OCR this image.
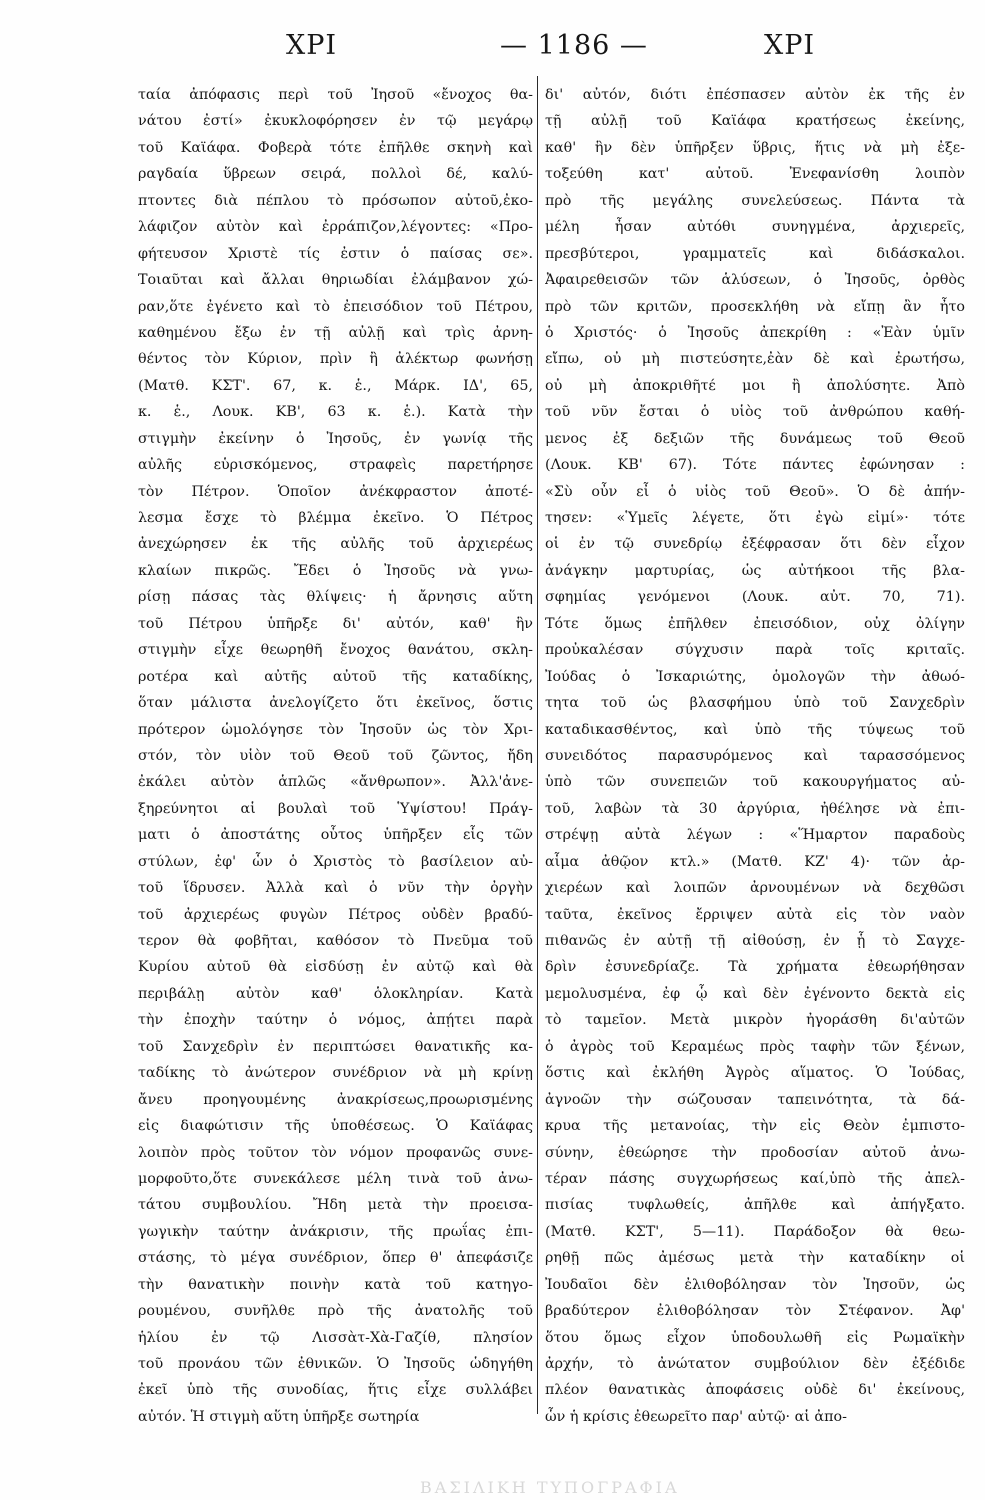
ΧΡΙ	— 1186 —	ΧΡΙ
ταία ἀπόφασις περὶ τοῦ Ἰησοῦ «ἔνοχος θα-
νάτου ἐστί» ἐκυκλοφόρησεν ἐν τῷ μεγάρῳ
τοῦ Καϊάφα. Φοβερὰ τότε ἐπῆλθε σκηνὴ καὶ
ραγδαία ὕβρεων σειρά, πολλοὶ δέ, καλύ-
πτοντες διὰ πέπλου τὸ πρόσωπον αὐτοῦ,ἐκο-
λάφιζον αὐτὸν καὶ ἐρράπιζον,λέγοντες: «Προ-
φήτευσον Χριστὲ τίς ἐστιν ὁ παίσας σε».
Τοιαῦται καὶ ἄλλαι θηριωδίαι ἐλάμβανον χώ-
ραν,ὅτε ἐγένετο καὶ τὸ ἐπεισόδιον τοῦ Πέτρου,
καθημένου ἔξω ἐν τῇ αὐλῇ καὶ τρὶς ἀρνη-
θέντος τὸν Κύριον, πρὶν ἢ ἀλέκτωρ φωνήσῃ
(Ματθ. ΚΣΤ'. 67, κ. ἑ., Μάρκ. ΙΔ', 65,
κ. ἑ., Λουκ. ΚΒ', 63 κ. ἑ.). Κατὰ τὴν
στιγμὴν ἐκείνην ὁ Ἰησοῦς, ἐν γωνίᾳ τῆς
αὐλῆς εὑρισκόμενος, στραφεὶς παρετήρησε
τὸν Πέτρον. Ὁποῖον ἀνέκφραστον ἀποτέ-
λεσμα ἔσχε τὸ βλέμμα ἐκεῖνο. Ὁ Πέτρος
ἀνεχώρησεν ἐκ τῆς αὐλῆς τοῦ ἀρχιερέως
κλαίων πικρῶς. Ἔδει ὁ Ἰησοῦς νὰ γνω-
ρίσῃ πάσας τὰς θλίψεις· ἡ ἄρνησις αὕτη
τοῦ Πέτρου ὑπῆρξε δι' αὐτόν, καθ' ἣν
στιγμὴν εἶχε θεωρηθῆ ἔνοχος θανάτου, σκλη-
ροτέρα καὶ αὐτῆς αὐτοῦ τῆς καταδίκης,
ὅταν μάλιστα ἀνελογίζετο ὅτι ἐκεῖνος, ὅστις
πρότερον ὡμολόγησε τὸν Ἰησοῦν ὡς τὸν Χρι-
στόν, τὸν υἱὸν τοῦ Θεοῦ τοῦ ζῶντος, ἤδη
ἐκάλει αὐτὸν ἁπλῶς «ἄνθρωπον». Ἀλλ'ἀνε-
ξηρεύνητοι αἱ βουλαὶ τοῦ Ὑψίστου! Πράγ-
ματι ὁ ἀποστάτης οὗτος ὑπῆρξεν εἷς τῶν
στύλων, ἐφ' ὧν ὁ Χριστὸς τὸ βασίλειον αὐ-
τοῦ ἵδρυσεν. Ἀλλὰ καὶ ὁ νῦν τὴν ὀργὴν
τοῦ ἀρχιερέως φυγὼν Πέτρος οὐδὲν βραδύ-
τερον θὰ φοβῆται, καθόσον τὸ Πνεῦμα τοῦ
Κυρίου αὐτοῦ θὰ εἰσδύσῃ ἐν αὐτῷ καὶ θὰ
περιβάλῃ αὐτὸν καθ' ὁλοκληρίαν. Κατὰ
τὴν ἐποχὴν ταύτην ὁ νόμος, ἀπῄτει παρὰ
τοῦ Σανχεδρὶν ἐν περιπτώσει θανατικῆς κα-
ταδίκης τὸ ἀνώτερον συνέδριον νὰ μὴ κρίνῃ
ἄνευ προηγουμένης ἀνακρίσεως,προωρισμένης
εἰς διαφώτισιν τῆς ὑποθέσεως. Ὁ Καϊάφας
λοιπὸν πρὸς τοῦτον τὸν νόμον προφανῶς συνε-
μορφοῦτο,ὅτε συνεκάλεσε μέλη τινὰ τοῦ ἀνω-
τάτου συμβουλίου. Ἤδη μετὰ τὴν προεισα-
γωγικὴν ταύτην ἀνάκρισιν, τῆς πρωΐας ἐπι-
στάσης, τὸ μέγα συνέδριον, ὅπερ θ' ἀπεφάσιζε
τὴν θανατικὴν ποινὴν κατὰ τοῦ κατηγο-
ρουμένου, συνῆλθε πρὸ τῆς ἀνατολῆς τοῦ
ἡλίου ἐν τῷ Λισσὰτ-Χὰ-Γαζίθ, πλησίον
τοῦ προνάου τῶν ἐθνικῶν. Ὁ Ἰησοῦς ὡδηγήθη
ἐκεῖ ὑπὸ τῆς συνοδίας, ἥτις εἶχε συλλάβει
αὐτόν. Ἡ στιγμὴ αὕτη ὑπῆρξε σωτηρία
δι' αὐτόν, διότι ἐπέσπασεν αὐτὸν ἐκ τῆς ἐν
τῇ αὐλῇ τοῦ Καϊάφα κρατήσεως ἐκείνης,
καθ' ἣν δὲν ὑπῆρξεν ὕβρις, ἥτις νὰ μὴ ἐξε-
τοξεύθη κατ' αὐτοῦ. Ἐνεφανίσθη λοιπὸν
πρὸ τῆς μεγάλης συνελεύσεως. Πάντα τὰ
μέλη ἦσαν αὐτόθι συνηγμένα, ἀρχιερεῖς,
πρεσβύτεροι, γραμματεῖς καὶ διδάσκαλοι.
Ἀφαιρεθεισῶν τῶν ἁλύσεων, ὁ Ἰησοῦς, ὀρθὸς
πρὸ τῶν κριτῶν, προσεκλήθη νὰ εἴπῃ ἂν ἦτο
ὁ Χριστός· ὁ Ἰησοῦς ἀπεκρίθη : «Ἐὰν ὑμῖν
εἴπω, οὐ μὴ πιστεύσητε,ἐὰν δὲ καὶ ἐρωτήσω,
οὐ μὴ ἀποκριθῆτέ μοι ἢ ἀπολύσητε. Ἀπὸ
τοῦ νῦν ἔσται ὁ υἱὸς τοῦ ἀνθρώπου καθή-
μενος ἐξ δεξιῶν τῆς δυνάμεως τοῦ Θεοῦ
(Λουκ. ΚΒ' 67). Τότε πάντες ἐφώνησαν :
«Σὺ οὖν εἶ ὁ υἱὸς τοῦ Θεοῦ». Ὁ δὲ ἀπήν-
τησεν: «Ὑμεῖς λέγετε, ὅτι ἐγὼ εἰμί»· τότε
οἱ ἐν τῷ συνεδρίῳ ἐξέφρασαν ὅτι δὲν εἶχον
ἀνάγκην μαρτυρίας, ὡς αὐτήκοοι τῆς βλα-
σφημίας γενόμενοι (Λουκ. αὐτ. 70, 71).
Τότε ὅμως ἐπῆλθεν ἐπεισόδιον, οὐχ ὀλίγην
προὐκαλέσαν σύγχυσιν παρὰ τοῖς κριταῖς.
Ἰούδας ὁ Ἰσκαριώτης, ὁμολογῶν τὴν ἀθωό-
τητα τοῦ ὡς βλασφήμου ὑπὸ τοῦ Σανχεδρὶν
καταδικασθέντος, καὶ ὑπὸ τῆς τύψεως τοῦ
συνειδότος παρασυρόμενος καὶ ταρασσόμενος
ὑπὸ τῶν συνεπειῶν τοῦ κακουργήματος αὐ-
τοῦ, λαβὼν τὰ 30 ἀργύρια, ἠθέλησε νὰ ἐπι-
στρέψῃ αὐτὰ λέγων : «Ἥμαρτον παραδοὺς
αἷμα ἀθῷον κτλ.» (Ματθ. ΚΖ' 4)· τῶν ἀρ-
χιερέων καὶ λοιπῶν ἀρνουμένων νὰ δεχθῶσι
ταῦτα, ἐκεῖνος ἔρριψεν αὐτὰ εἰς τὸν ναὸν
πιθανῶς ἐν αὐτῇ τῇ αἰθούσῃ, ἐν ᾗ τὸ Σαγχε-
δρὶν ἐσυνεδρίαζε. Τὰ χρήματα ἐθεωρήθησαν
μεμολυσμένα, ἐφ ᾧ καὶ δὲν ἐγένοντο δεκτὰ εἰς
τὸ ταμεῖον. Μετὰ μικρὸν ἠγοράσθη δι'αὐτῶν
ὁ ἀγρὸς τοῦ Κεραμέως πρὸς ταφὴν τῶν ξένων,
ὅστις καὶ ἐκλήθη Ἀγρὸς αἵματος. Ὁ Ἰούδας,
ἀγνοῶν τὴν σώζουσαν ταπεινότητα, τὰ δά-
κρυα τῆς μετανοίας, τὴν εἰς Θεὸν ἐμπιστο-
σύνην, ἐθεώρησε τὴν προδοσίαν αὐτοῦ ἀνω-
τέραν πάσης συγχωρήσεως καί,ὑπὸ τῆς ἀπελ-
πισίας τυφλωθείς, ἀπῆλθε καὶ ἀπήγξατο.
(Ματθ. ΚΣΤ', 5—11). Παράδοξον θὰ θεω-
ρηθῇ πῶς ἀμέσως μετὰ τὴν καταδίκην οἱ
Ἰουδαῖοι δὲν ἐλιθοβόλησαν τὸν Ἰησοῦν, ὡς
βραδύτερον ἐλιθοβόλησαν τὸν Στέφανον. Ἀφ'
ὅτου ὅμως εἶχον ὑποδουλωθῆ εἰς Ρωμαϊκὴν
ἀρχήν, τὸ ἀνώτατον συμβούλιον δὲν ἐξέδιδε
πλέον θανατικὰς ἀποφάσεις οὐδὲ δι' ἐκείνους,
ὧν ἡ κρίσις ἐθεωρεῖτο παρ' αὐτῷ· αἱ ἀπο-
ΒΑΣΙΛΙΚΗ ΤΥΠΟΓΡΑΦΙΑ
